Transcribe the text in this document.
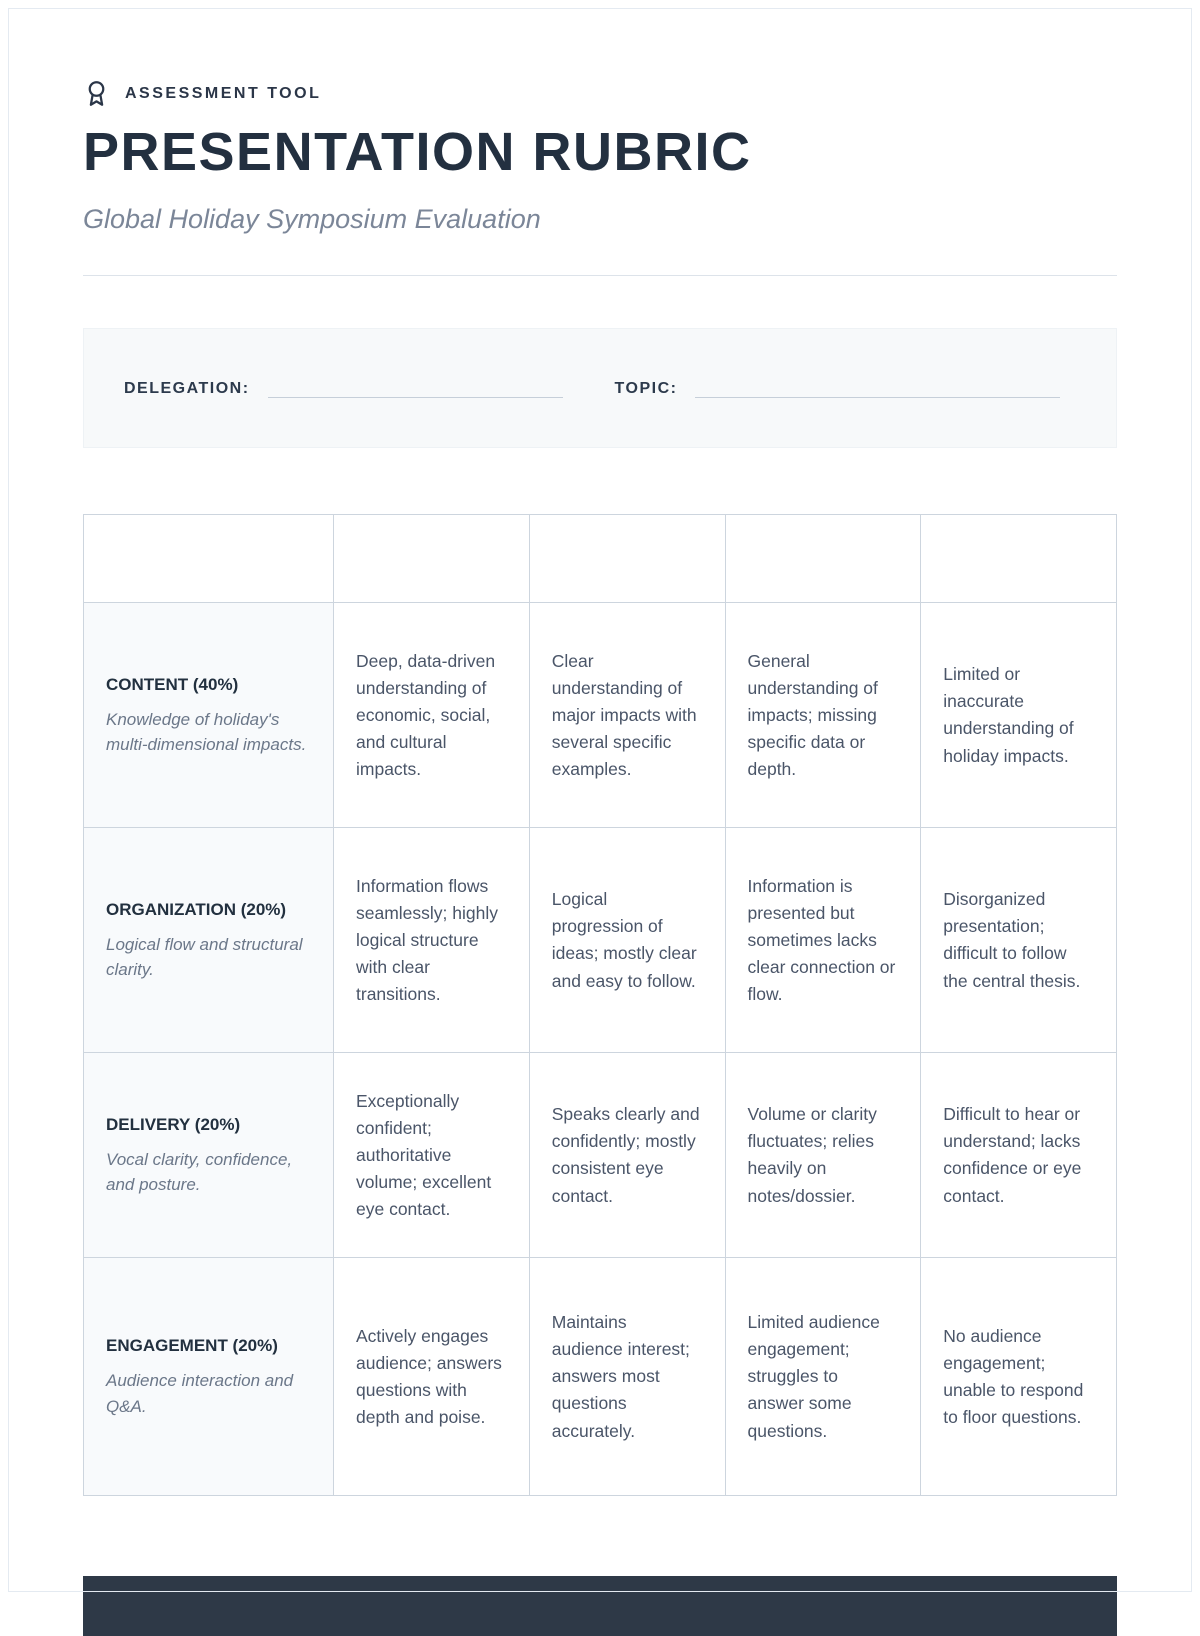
ASSESSMENT TOOL
PRESENTATION RUBRIC
Global Holiday Symposium Evaluation
DELEGATION:	TOPIC:

CONTENT (40%)
Knowledge of holiday's multi-dimensional impacts.	Deep, data-driven understanding of economic, social, and cultural impacts.	Clear understanding of major impacts with several specific examples.	General understanding of impacts; missing specific data or depth.	Limited or inaccurate understanding of holiday impacts.

ORGANIZATION (20%)
Logical flow and structural clarity.	Information flows seamlessly; highly logical structure with clear transitions.	Logical progression of ideas; mostly clear and easy to follow.	Information is presented but sometimes lacks clear connection or flow.	Disorganized presentation; difficult to follow the central thesis.

DELIVERY (20%)
Vocal clarity, confidence, and posture.	Exceptionally confident; authoritative volume; excellent eye contact.	Speaks clearly and confidently; mostly consistent eye contact.	Volume or clarity fluctuates; relies heavily on notes/dossier.	Difficult to hear or understand; lacks confidence or eye contact.

ENGAGEMENT (20%)
Audience interaction and Q&A.	Actively engages audience; answers questions with depth and poise.	Maintains audience interest; answers most questions accurately.	Limited audience engagement; struggles to answer some questions.	No audience engagement; unable to respond to floor questions.
